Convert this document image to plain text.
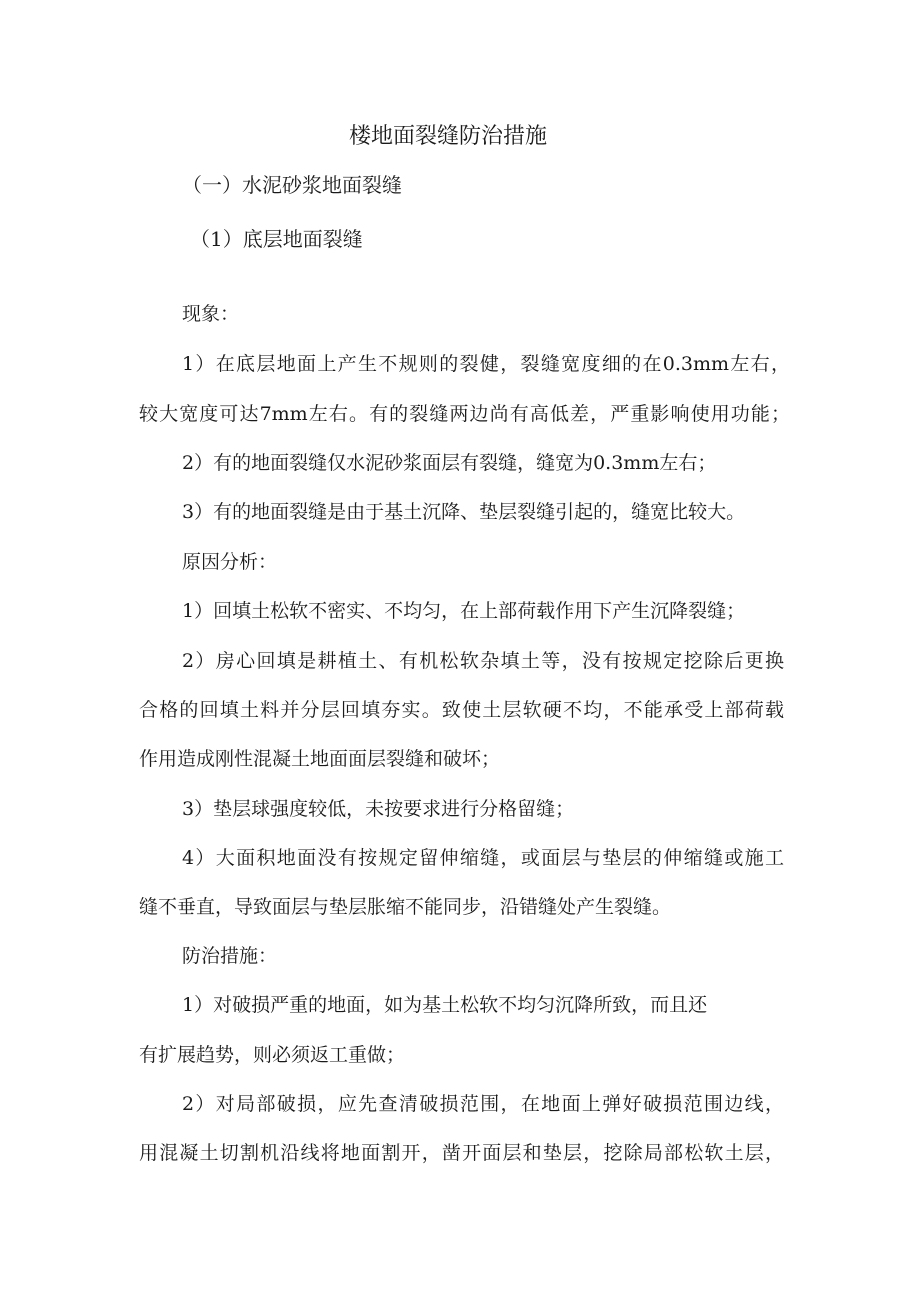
楼地面裂缝防治措施
（一）水泥砂浆地面裂缝
（1）底层地面裂缝
现象：
1）在底层地面上产生不规则的裂健，裂缝宽度细的在0.3mm左右，
较大宽度可达7mm左右。有的裂缝两边尚有高低差，严重影响使用功能；
2）有的地面裂缝仅水泥砂浆面层有裂缝，缝宽为0.3mm左右；
3）有的地面裂缝是由于基土沉降、垫层裂缝引起的，缝宽比较大。
原因分析：
1）回填土松软不密实、不均匀，在上部荷载作用下产生沉降裂缝；
2）房心回填是耕植土、有机松软杂填土等，没有按规定挖除后更换
合格的回填土料并分层回填夯实。致使土层软硬不均，不能承受上部荷载
作用造成刚性混凝土地面面层裂缝和破坏；
3）垫层球强度较低，未按要求进行分格留缝；
4）大面积地面没有按规定留伸缩缝，或面层与垫层的伸缩缝或施工
缝不垂直，导致面层与垫层胀缩不能同步，沿错缝处产生裂缝。
防治措施：
1）对破损严重的地面，如为基土松软不均匀沉降所致，而且还
有扩展趋势，则必须返工重做；
2）对局部破损，应先查清破损范围，在地面上弹好破损范围边线，
用混凝土切割机沿线将地面割开，凿开面层和垫层，挖除局部松软土层，
